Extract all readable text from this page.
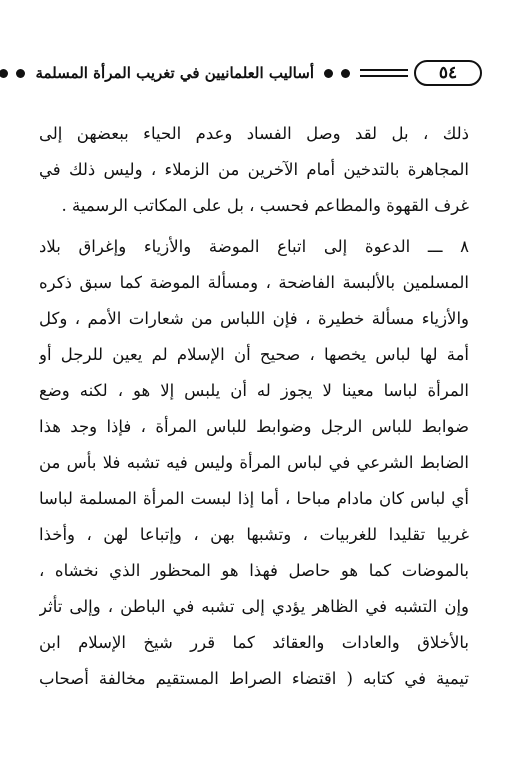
٥٤
أساليب العلمانيين في تغريب المرأة المسلمة
ذلك ، بل لقد وصل الفساد وعدم الحياء ببعضهن إلى
المجاهرة بالتدخين أمام الآخرين من الزملاء ، وليس ذلك في
غرف القهوة والمطاعم فحسب ، بل على المكاتب الرسمية .
٨ ـــ الدعوة إلى اتباع الموضة والأزياء وإغراق بلاد
المسلمين بالألبسة الفاضحة ، ومسألة الموضة كما سبق ذكره
والأزياء مسألة خطيرة ، فإن اللباس من شعارات الأمم ، وكل
أمة لها لباس يخصها ، صحيح أن الإسلام لم يعين للرجل أو
المرأة لباسا معينا لا يجوز له أن يلبس إلا هو ، لكنه وضع
ضوابط للباس الرجل وضوابط للباس المرأة ، فإذا وجد هذا
الضابط الشرعي في لباس المرأة وليس فيه تشبه فلا بأس من
أي لباس كان مادام مباحا ، أما إذا لبست المرأة المسلمة لباسا
غربيا تقليدا للغربيات ، وتشبها بهن ، وإتباعا لهن ، وأخذا
بالموضات كما هو حاصل فهذا هو المحظور الذي نخشاه ،
وإن التشبه في الظاهر يؤدي إلى تشبه في الباطن ، وإلى تأثر
بالأخلاق والعادات والعقائد كما قرر شيخ الإسلام ابن
تيمية في كتابه ( اقتضاء الصراط المستقيم مخالفة أصحاب
